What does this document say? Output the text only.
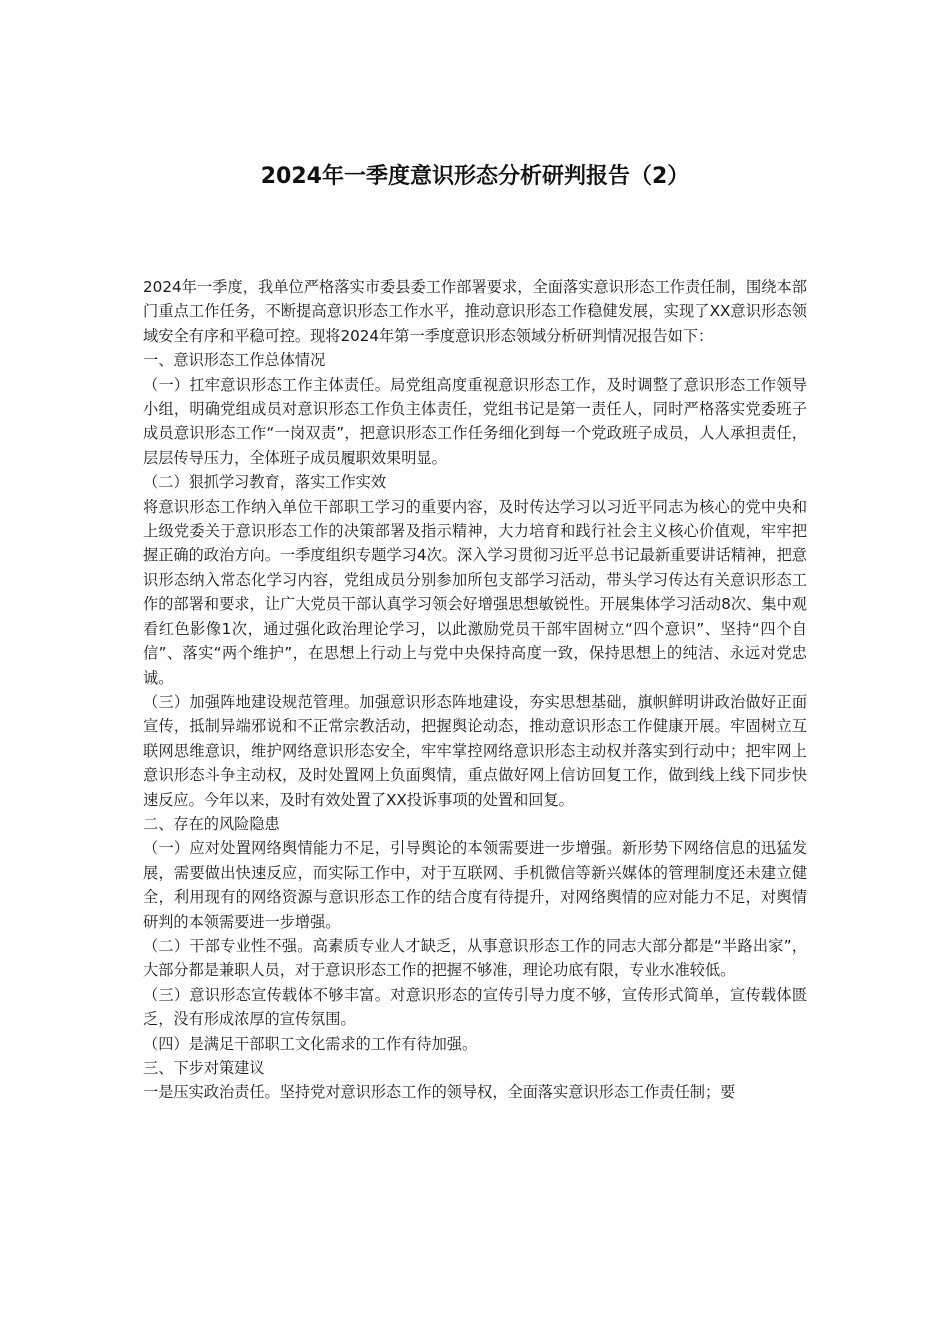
2024年一季度意识形态分析研判报告（2）

2024年一季度，我单位严格落实市委县委工作部署要求，全面落实意识形态工作责任制，围绕本部门重点工作任务，不断提高意识形态工作水平，推动意识形态工作稳健发展，实现了XX意识形态领域安全有序和平稳可控。现将2024年第一季度意识形态领域分析研判情况报告如下：

一、意识形态工作总体情况

（一）扛牢意识形态工作主体责任。局党组高度重视意识形态工作，及时调整了意识形态工作领导小组，明确党组成员对意识形态工作负主体责任，党组书记是第一责任人，同时严格落实党委班子成员意识形态工作“一岗双责”，把意识形态工作任务细化到每一个党政班子成员，人人承担责任，层层传导压力，全体班子成员履职效果明显。

（二）狠抓学习教育，落实工作实效

将意识形态工作纳入单位干部职工学习的重要内容，及时传达学习以习近平同志为核心的党中央和上级党委关于意识形态工作的决策部署及指示精神，大力培育和践行社会主义核心价值观，牢牢把握正确的政治方向。一季度组织专题学习4次。深入学习贯彻习近平总书记最新重要讲话精神，把意识形态纳入常态化学习内容，党组成员分别参加所包支部学习活动，带头学习传达有关意识形态工作的部署和要求，让广大党员干部认真学习领会好增强思想敏锐性。开展集体学习活动8次、集中观看红色影像1次，通过强化政治理论学习，以此激励党员干部牢固树立“四个意识”、坚持“四个自信”、落实“两个维护”，在思想上行动上与党中央保持高度一致，保持思想上的纯洁、永远对党忠诚。

（三）加强阵地建设规范管理。加强意识形态阵地建设，夯实思想基础，旗帜鲜明讲政治做好正面宣传，抵制异端邪说和不正常宗教活动，把握舆论动态，推动意识形态工作健康开展。牢固树立互联网思维意识，维护网络意识形态安全，牢牢掌控网络意识形态主动权并落实到行动中；把牢网上意识形态斗争主动权，及时处置网上负面舆情，重点做好网上信访回复工作，做到线上线下同步快速反应。今年以来，及时有效处置了XX投诉事项的处置和回复。

二、存在的风险隐患

（一）应对处置网络舆情能力不足，引导舆论的本领需要进一步增强。新形势下网络信息的迅猛发展，需要做出快速反应，而实际工作中，对于互联网、手机微信等新兴媒体的管理制度还未建立健全，利用现有的网络资源与意识形态工作的结合度有待提升，对网络舆情的应对能力不足，对舆情研判的本领需要进一步增强。

（二）干部专业性不强。高素质专业人才缺乏，从事意识形态工作的同志大部分都是“半路出家”，大部分都是兼职人员，对于意识形态工作的把握不够准，理论功底有限，专业水准较低。

（三）意识形态宣传载体不够丰富。对意识形态的宣传引导力度不够，宣传形式简单，宣传载体匮乏，没有形成浓厚的宣传氛围。

（四）是满足干部职工文化需求的工作有待加强。

三、下步对策建议

一是压实政治责任。坚持党对意识形态工作的领导权，全面落实意识形态工作责任制；要
